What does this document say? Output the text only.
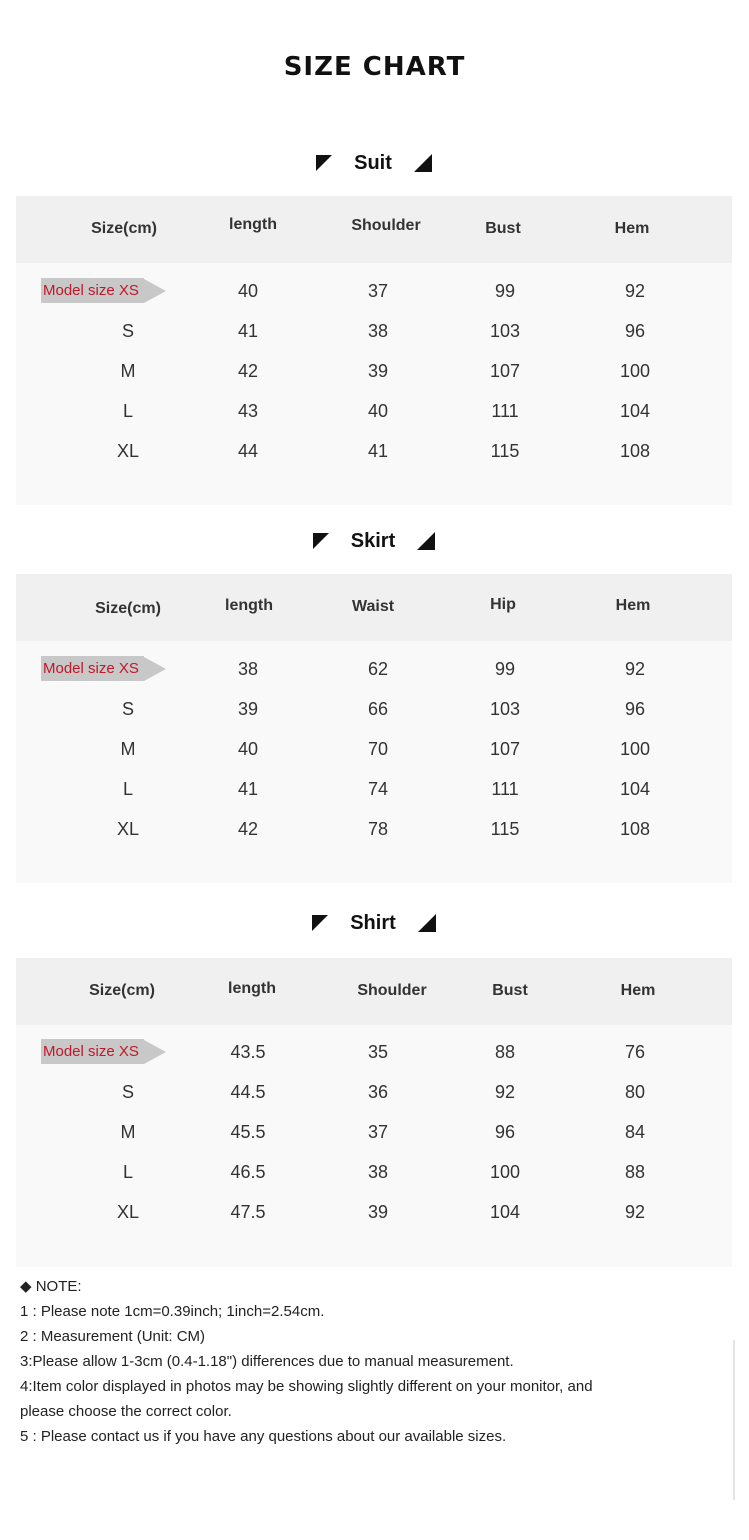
SIZE CHART
Suit
Size(cm)	length	Shoulder	Bust	Hem
Model size XS	40	37	99	92
S	41	38	103	96
M	42	39	107	100
L	43	40	111	104
XL	44	41	115	108
Skirt
Size(cm)	length	Waist	Hip	Hem
Model size XS	38	62	99	92
S	39	66	103	96
M	40	70	107	100
L	41	74	111	104
XL	42	78	115	108
Shirt
Size(cm)	length	Shoulder	Bust	Hem
Model size XS	43.5	35	88	76
S	44.5	36	92	80
M	45.5	37	96	84
L	46.5	38	100	88
XL	47.5	39	104	92
◆ NOTE:
1 : Please note 1cm=0.39inch; 1inch=2.54cm.
2 : Measurement (Unit: CM)
3:Please allow 1-3cm (0.4-1.18") differences due to manual measurement.
4:Item color displayed in photos may be showing slightly different on your monitor, and
please choose the correct color.
5 : Please contact us if you have any questions about our available sizes.
